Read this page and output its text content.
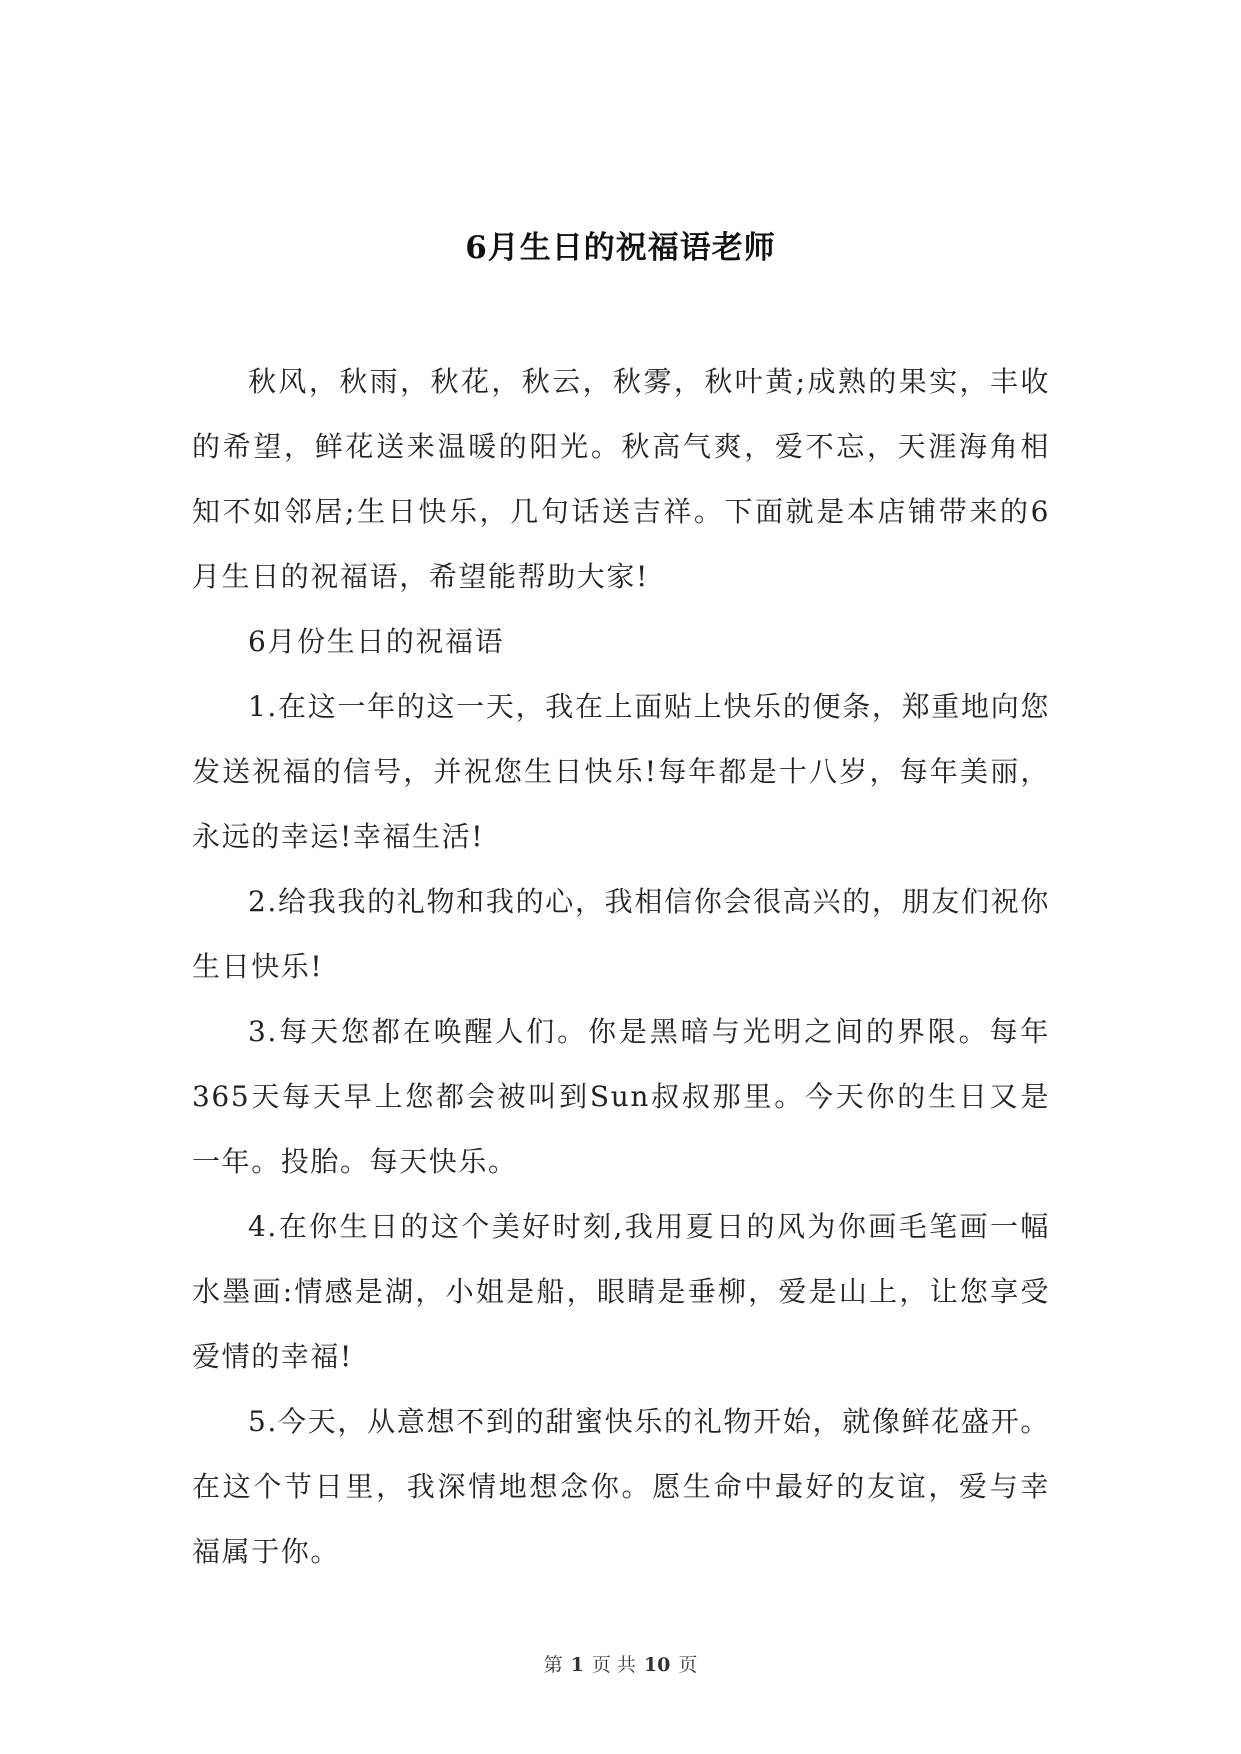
6月生日的祝福语老师

秋风，秋雨，秋花，秋云，秋雾，秋叶黄;成熟的果实，丰收的希望，鲜花送来温暖的阳光。秋高气爽，爱不忘，天涯海角相知不如邻居;生日快乐，几句话送吉祥。下面就是本店铺带来的6月生日的祝福语，希望能帮助大家!

6月份生日的祝福语

1.在这一年的这一天，我在上面贴上快乐的便条，郑重地向您发送祝福的信号，并祝您生日快乐!每年都是十八岁，每年美丽，永远的幸运!幸福生活!

2.给我我的礼物和我的心，我相信你会很高兴的，朋友们祝你生日快乐!

3.每天您都在唤醒人们。你是黑暗与光明之间的界限。每年365天每天早上您都会被叫到Sun叔叔那里。今天你的生日又是一年。投胎。每天快乐。

4.在你生日的这个美好时刻,我用夏日的风为你画毛笔画一幅水墨画:情感是湖，小姐是船，眼睛是垂柳，爱是山上，让您享受爱情的幸福!

5.今天，从意想不到的甜蜜快乐的礼物开始，就像鲜花盛开。在这个节日里，我深情地想念你。愿生命中最好的友谊，爱与幸福属于你。

第 1 页 共 10 页
